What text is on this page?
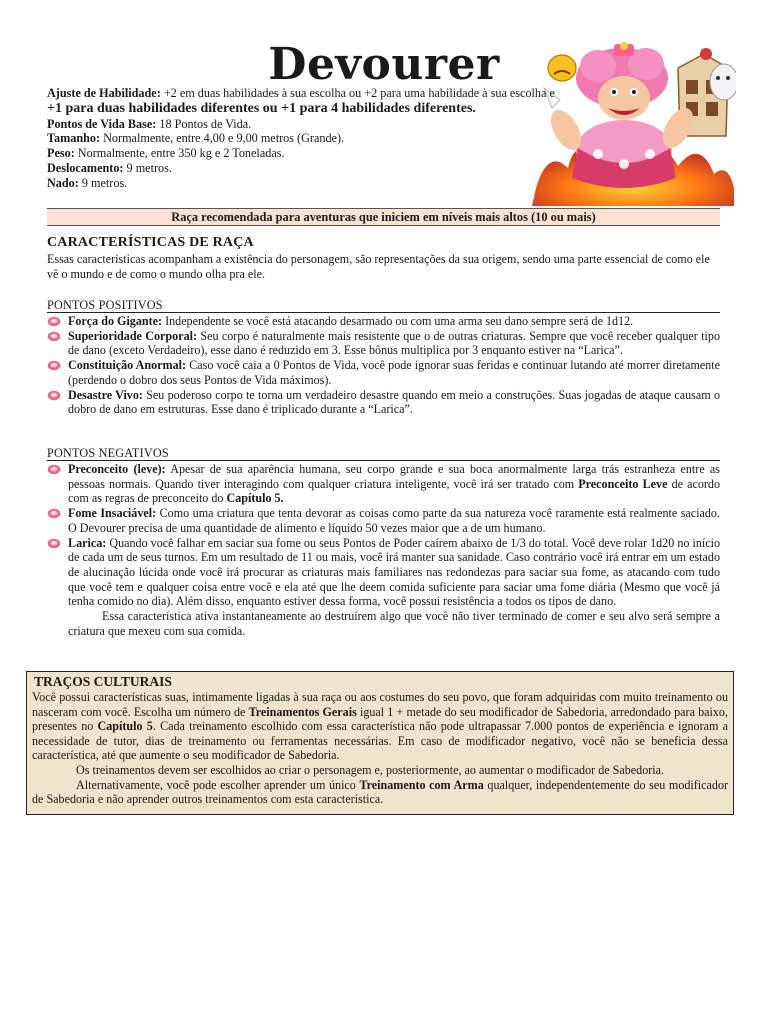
Devourer

Ajuste de Habilidade: +2 em duas habilidades à sua escolha ou +2 para uma habilidade à sua escolha e +1 para duas habilidades diferentes ou +1 para 4 habilidades diferentes.

Pontos de Vida Base: 18 Pontos de Vida.

Tamanho: Normalmente, entre 4,00 e 9,00 metros (Grande).

Peso: Normalmente, entre 350 kg e 2 Toneladas.

Deslocamento: 9 metros.

Nado: 9 metros.

Raça recomendada para aventuras que iniciem em níveis mais altos (10 ou mais)
CARACTERÍSTICAS DE RAÇA
Essas características acompanham a existência do personagem, são representações da sua origem, sendo uma parte essencial de como ele vê o mundo e de como o mundo olha pra ele.
PONTOS POSITIVOS
Força do Gigante: Independente se você está atacando desarmado ou com uma arma seu dano sempre será de 1d12.
Superioridade Corporal: Seu corpo é naturalmente mais resistente que o de outras criaturas. Sempre que você receber qualquer tipo de dano (exceto Verdadeiro), esse dano é reduzido em 3. Esse bônus multiplica por 3 enquanto estiver na “Larica”.
Constituição Anormal: Caso você caia a 0 Pontos de Vida, você pode ignorar suas feridas e continuar lutando até morrer diretamente (perdendo o dobro dos seus Pontos de Vida máximos).
Desastre Vivo: Seu poderoso corpo te torna um verdadeiro desastre quando em meio a construções. Suas jogadas de ataque causam o dobro de dano em estruturas. Esse dano é triplicado durante a “Larica”.
PONTOS NEGATIVOS
Preconceito (leve): Apesar de sua aparência humana, seu corpo grande e sua boca anormalmente larga trás estranheza entre as pessoas normais. Quando tiver interagindo com qualquer criatura inteligente, você irá ser tratado com Preconceito Leve de acordo com as regras de preconceito do Capítulo 5.
Fome Insaciável: Como uma criatura que tenta devorar as coisas como parte da sua natureza você raramente está realmente saciado. O Devourer precisa de uma quantidade de alimento e líquido 50 vezes maior que a de um humano.
Larica: Quando você falhar em saciar sua fome ou seus Pontos de Poder caírem abaixo de 1/3 do total. Você deve rolar 1d20 no início de cada um de seus turnos. Em um resultado de 11 ou mais, você irá manter sua sanidade. Caso contrário você irá entrar em um estado de alucinação lúcida onde você irá procurar as criaturas mais familiares nas redondezas para saciar sua fome, as atacando com tudo que você tem e qualquer coisa entre você e ela até que lhe deem comida suficiente para saciar uma fome diária (Mesmo que você já tenha comido no dia). Além disso, enquanto estiver dessa forma, você possui resistência a todos os tipos de dano.
Essa característica ativa instantaneamente ao destruírem algo que você não tiver terminado de comer e seu alvo será sempre a criatura que mexeu com sua comida.
TRAÇOS CULTURAIS

Você possui características suas, intimamente ligadas à sua raça ou aos costumes do seu povo, que foram adquiridas com muito treinamento ou nasceram com você. Escolha um número de Treinamentos Gerais igual 1 + metade do seu modificador de Sabedoria, arredondado para baixo, presentes no Capítulo 5. Cada treinamento escolhido com essa característica não pode ultrapassar 7.000 pontos de experiência e ignoram a necessidade de tutor, dias de treinamento ou ferramentas necessárias. Em caso de modificador negativo, você não se beneficia dessa característica, até que aumente o seu modificador de Sabedoria.

Os treinamentos devem ser escolhidos ao criar o personagem e, posteriormente, ao aumentar o modificador de Sabedoria.

Alternativamente, você pode escolher aprender um único Treinamento com Arma qualquer, independentemente do seu modificador de Sabedoria e não aprender outros treinamentos com esta característica.
